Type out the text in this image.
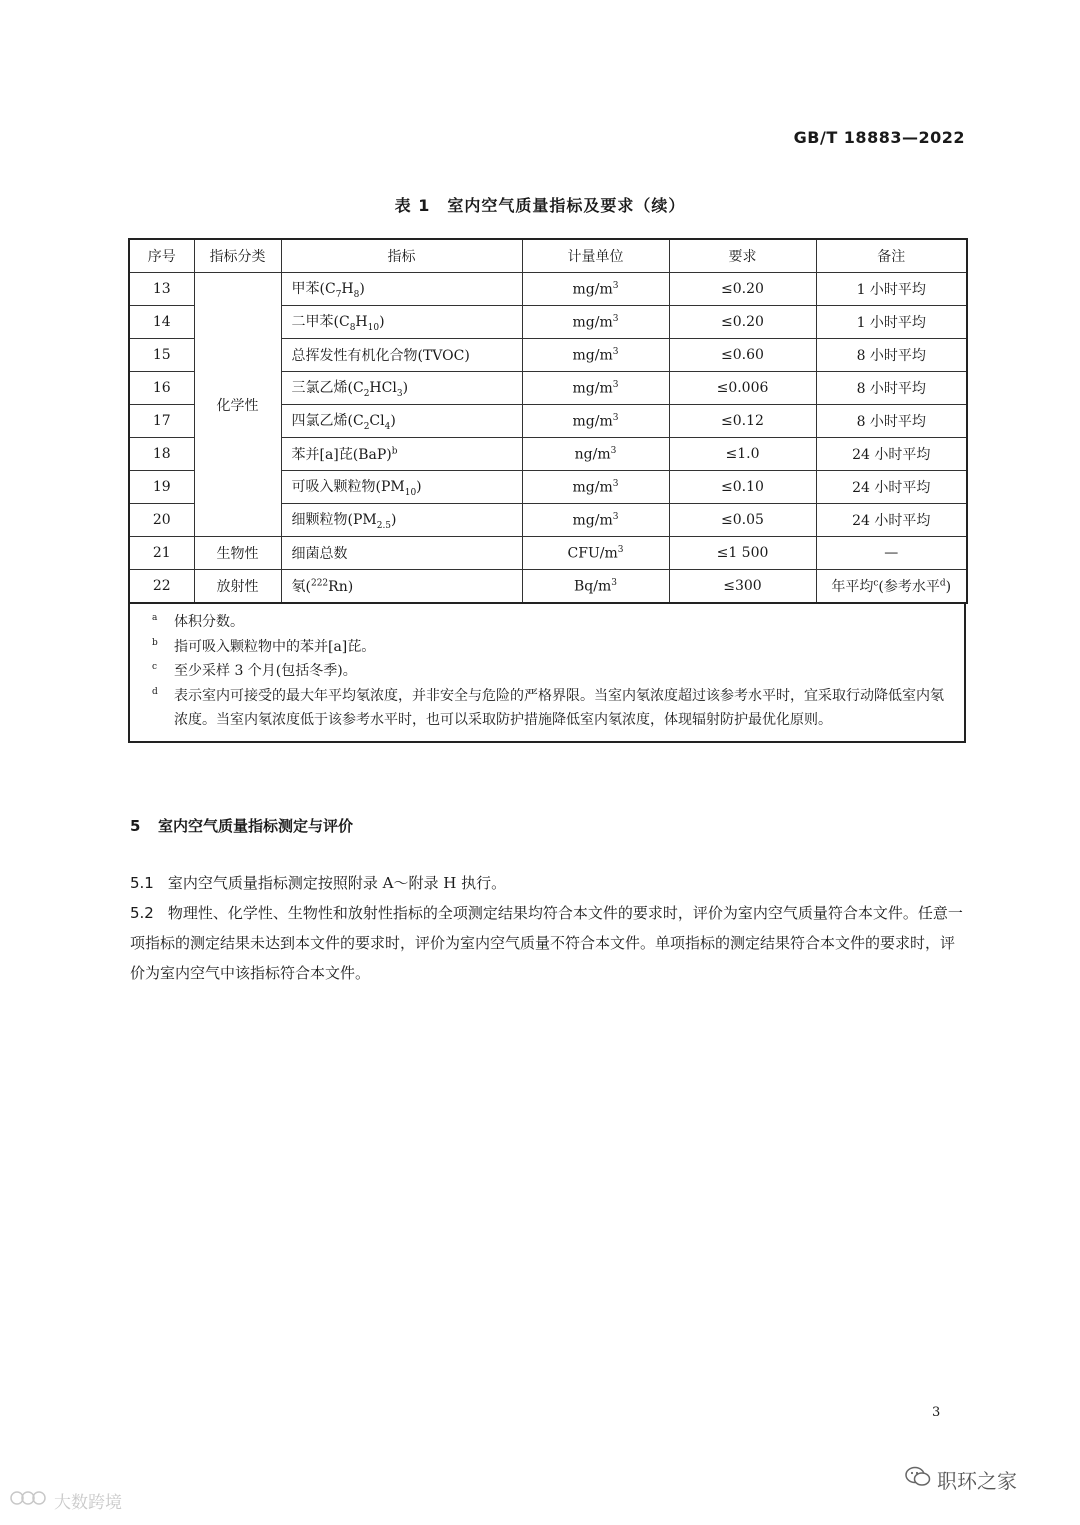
GB/T 18883—2022
表 1　室内空气质量指标及要求（续）
序号	指标分类	指标	计量单位	要求	备注
13	化学性	甲苯$(C_7H_8)$	$mg/m^3$	≤0.20	1 小时平均
14		二甲苯$(C_8H_{10})$	$mg/m^3$	≤0.20	1 小时平均
15		总挥发性有机化合物(TVOC)	$mg/m^3$	≤0.60	8 小时平均
16		三氯乙烯$(C_2HCl_3)$	$mg/m^3$	≤0.006	8 小时平均
17		四氯乙烯$(C_2Cl_4)$	$mg/m^3$	≤0.12	8 小时平均
18		苯并[a]芘(BaP)$^b$	$ng/m^3$	≤1.0	24 小时平均
19		可吸入颗粒物$(PM_{10})$	$mg/m^3$	≤0.10	24 小时平均
20		细颗粒物$(PM_{2.5})$	$mg/m^3$	≤0.05	24 小时平均
21	生物性	细菌总数	CFU/$m^3$	≤1 500	—
22	放射性	氡($^{222}$Rn)	$Bq/m^3$	≤300	年平均$^c$(参考水平$^d$)
a 体积分数。
b 指可吸入颗粒物中的苯并[a]芘。
c 至少采样 3 个月(包括冬季)。
d 表示室内可接受的最大年平均氡浓度，并非安全与危险的严格界限。当室内氡浓度超过该参考水平时，宜采取行动降低室内氡浓度。当室内氡浓度低于该参考水平时，也可以采取防护措施降低室内氡浓度，体现辐射防护最优化原则。
5 室内空气质量指标测定与评价
5.1 室内空气质量指标测定按照附录 A～附录 H 执行。
5.2 物理性、化学性、生物性和放射性指标的全项测定结果均符合本文件的要求时，评价为室内空气质量符合本文件。任意一项指标的测定结果未达到本文件的要求时，评价为室内空气质量不符合本文件。单项指标的测定结果符合本文件的要求时，评价为室内空气中该指标符合本文件。
3
职环之家
大数跨境
